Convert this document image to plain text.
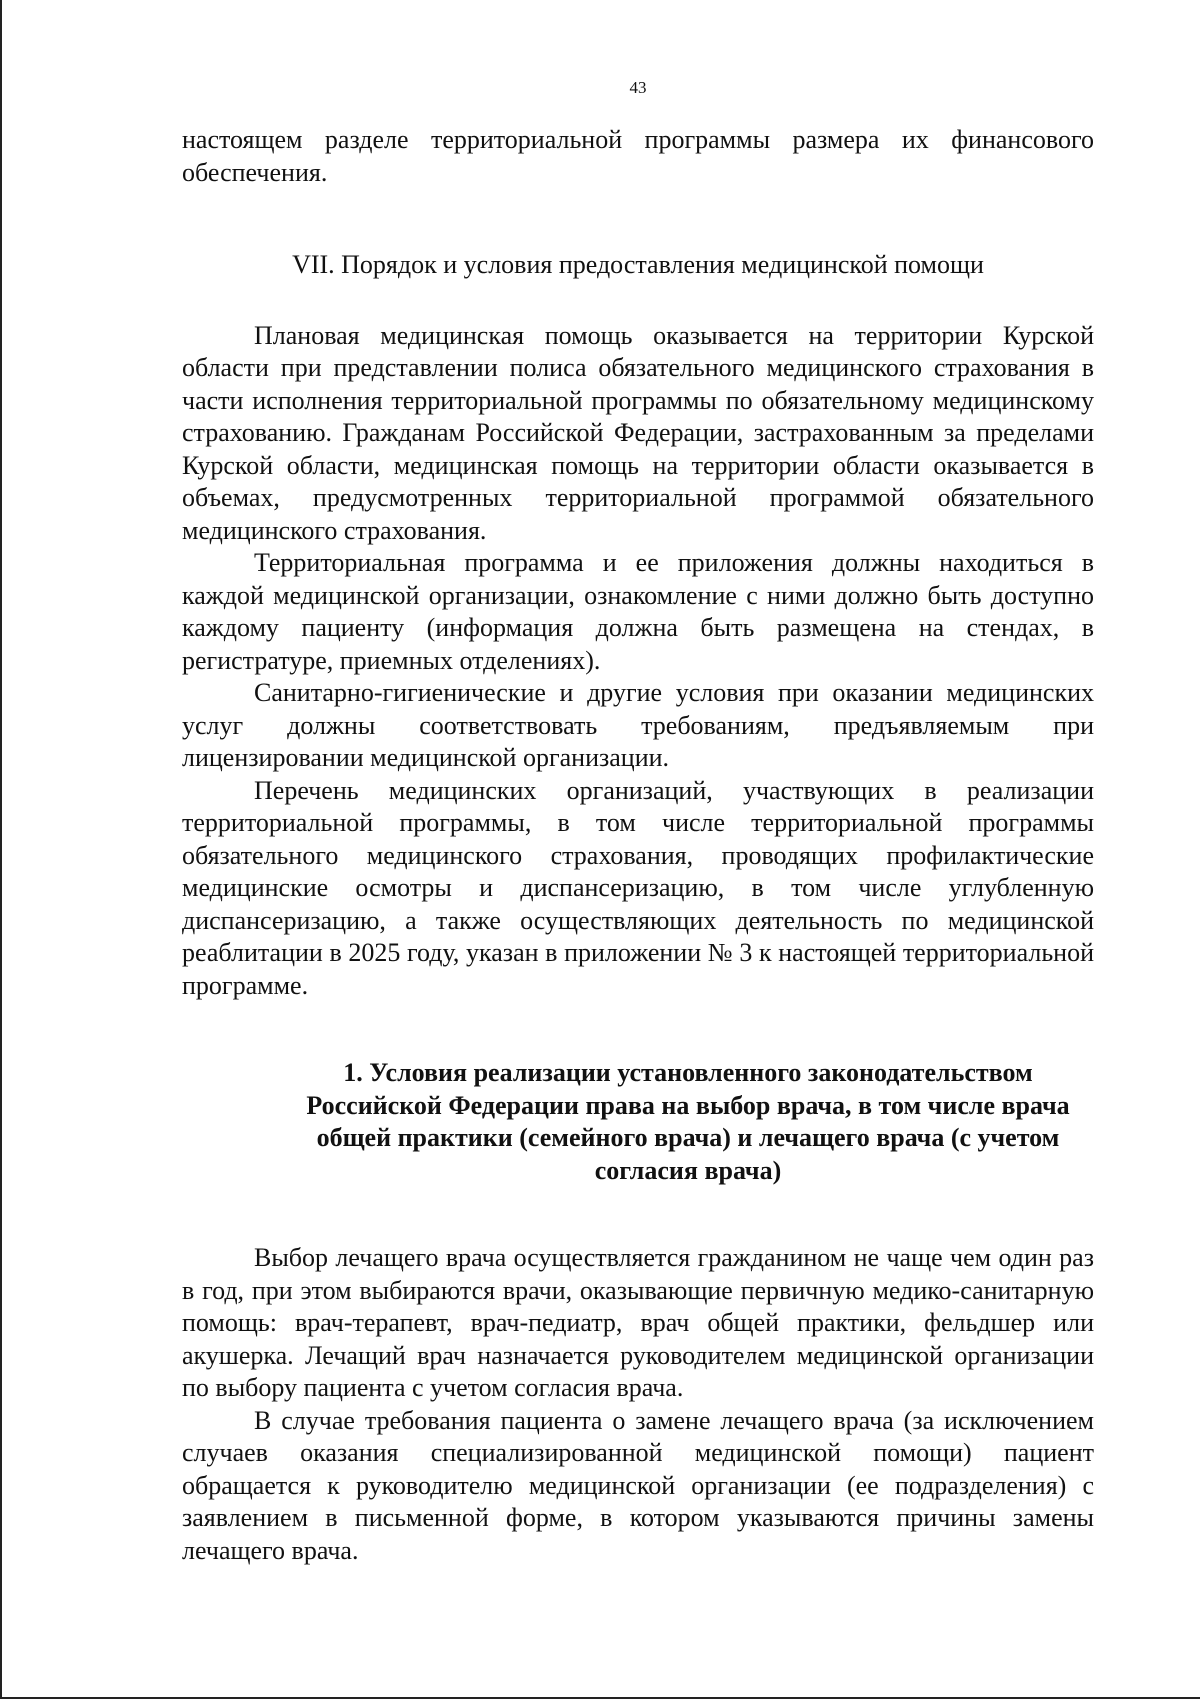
43

настоящем разделе территориальной программы размера их финансового обеспечения.

VII. Порядок и условия предоставления медицинской помощи

Плановая медицинская помощь оказывается на территории Курской области при представлении полиса обязательного медицинского страхования в части исполнения территориальной программы по обязательному медицинскому страхованию. Гражданам Российской Федерации, застрахованным за пределами Курской области, медицинская помощь на территории области оказывается в объемах, предусмотренных территориальной программой обязательного медицинского страхования.

Территориальная программа и ее приложения должны находиться в каждой медицинской организации, ознакомление с ними должно быть доступно каждому пациенту (информация должна быть размещена на стендах, в регистратуре, приемных отделениях).

Санитарно-гигиенические и другие условия при оказании медицинских услуг должны соответствовать требованиям, предъявляемым при лицензировании медицинской организации.

Перечень медицинских организаций, участвующих в реализации территориальной программы, в том числе территориальной программы обязательного медицинского страхования, проводящих профилактические медицинские осмотры и диспансеризацию, в том числе углубленную диспансеризацию, а также осуществляющих деятельность по медицинской реаблитации в 2025 году, указан в приложении № 3 к настоящей территориальной программе.

1. Условия реализации установленного законодательством Российской Федерации права на выбор врача, в том числе врача общей практики (семейного врача) и лечащего врача (с учетом согласия врача)

Выбор лечащего врача осуществляется гражданином не чаще чем один раз в год, при этом выбираются врачи, оказывающие первичную медико-санитарную помощь: врач-терапевт, врач-педиатр, врач общей практики, фельдшер или акушерка. Лечащий врач назначается руководителем медицинской организации по выбору пациента с учетом согласия врача.

В случае требования пациента о замене лечащего врача (за исключением случаев оказания специализированной медицинской помощи) пациент обращается к руководителю медицинской организации (ее подразделения) с заявлением в письменной форме, в котором указываются причины замены лечащего врача.
